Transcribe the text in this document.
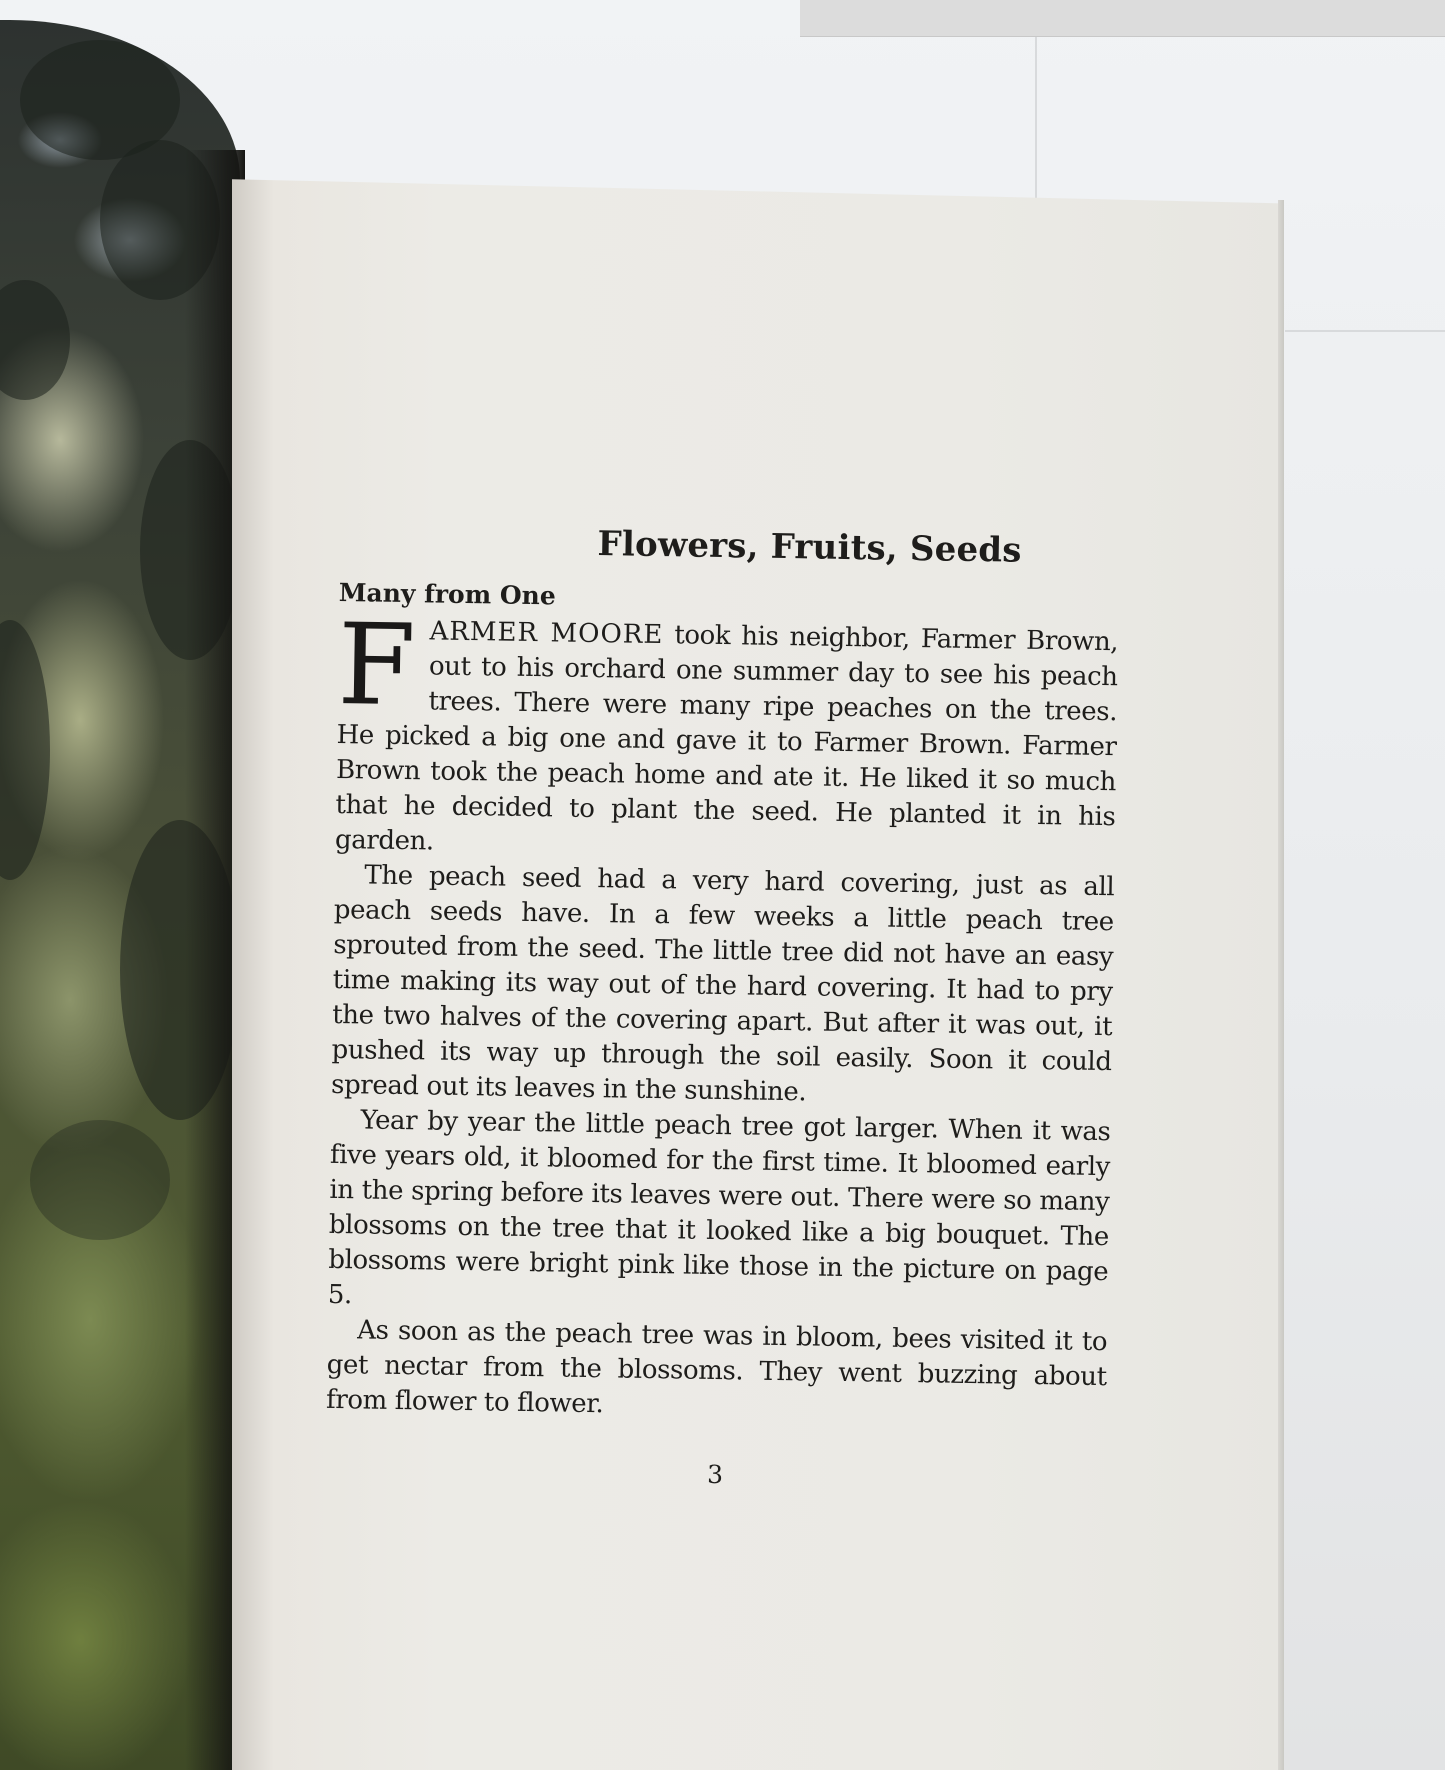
Flowers, Fruits, Seeds
Many from One

FARMER MOORE took his neighbor, Farmer Brown, out to his orchard one summer day to see his peach trees. There were many ripe peaches on the trees. He picked a big one and gave it to Farmer Brown. Farmer Brown took the peach home and ate it. He liked it so much that he decided to plant the seed. He planted it in his garden.

The peach seed had a very hard covering, just as all peach seeds have. In a few weeks a little peach tree sprouted from the seed. The little tree did not have an easy time making its way out of the hard covering. It had to pry the two halves of the covering apart. But after it was out, it pushed its way up through the soil easily. Soon it could spread out its leaves in the sunshine.

Year by year the little peach tree got larger. When it was five years old, it bloomed for the first time. It bloomed early in the spring before its leaves were out. There were so many blossoms on the tree that it looked like a big bouquet. The blossoms were bright pink like those in the picture on page 5.

As soon as the peach tree was in bloom, bees visited it to get nectar from the blossoms. They went buzzing about from flower to flower.

3
